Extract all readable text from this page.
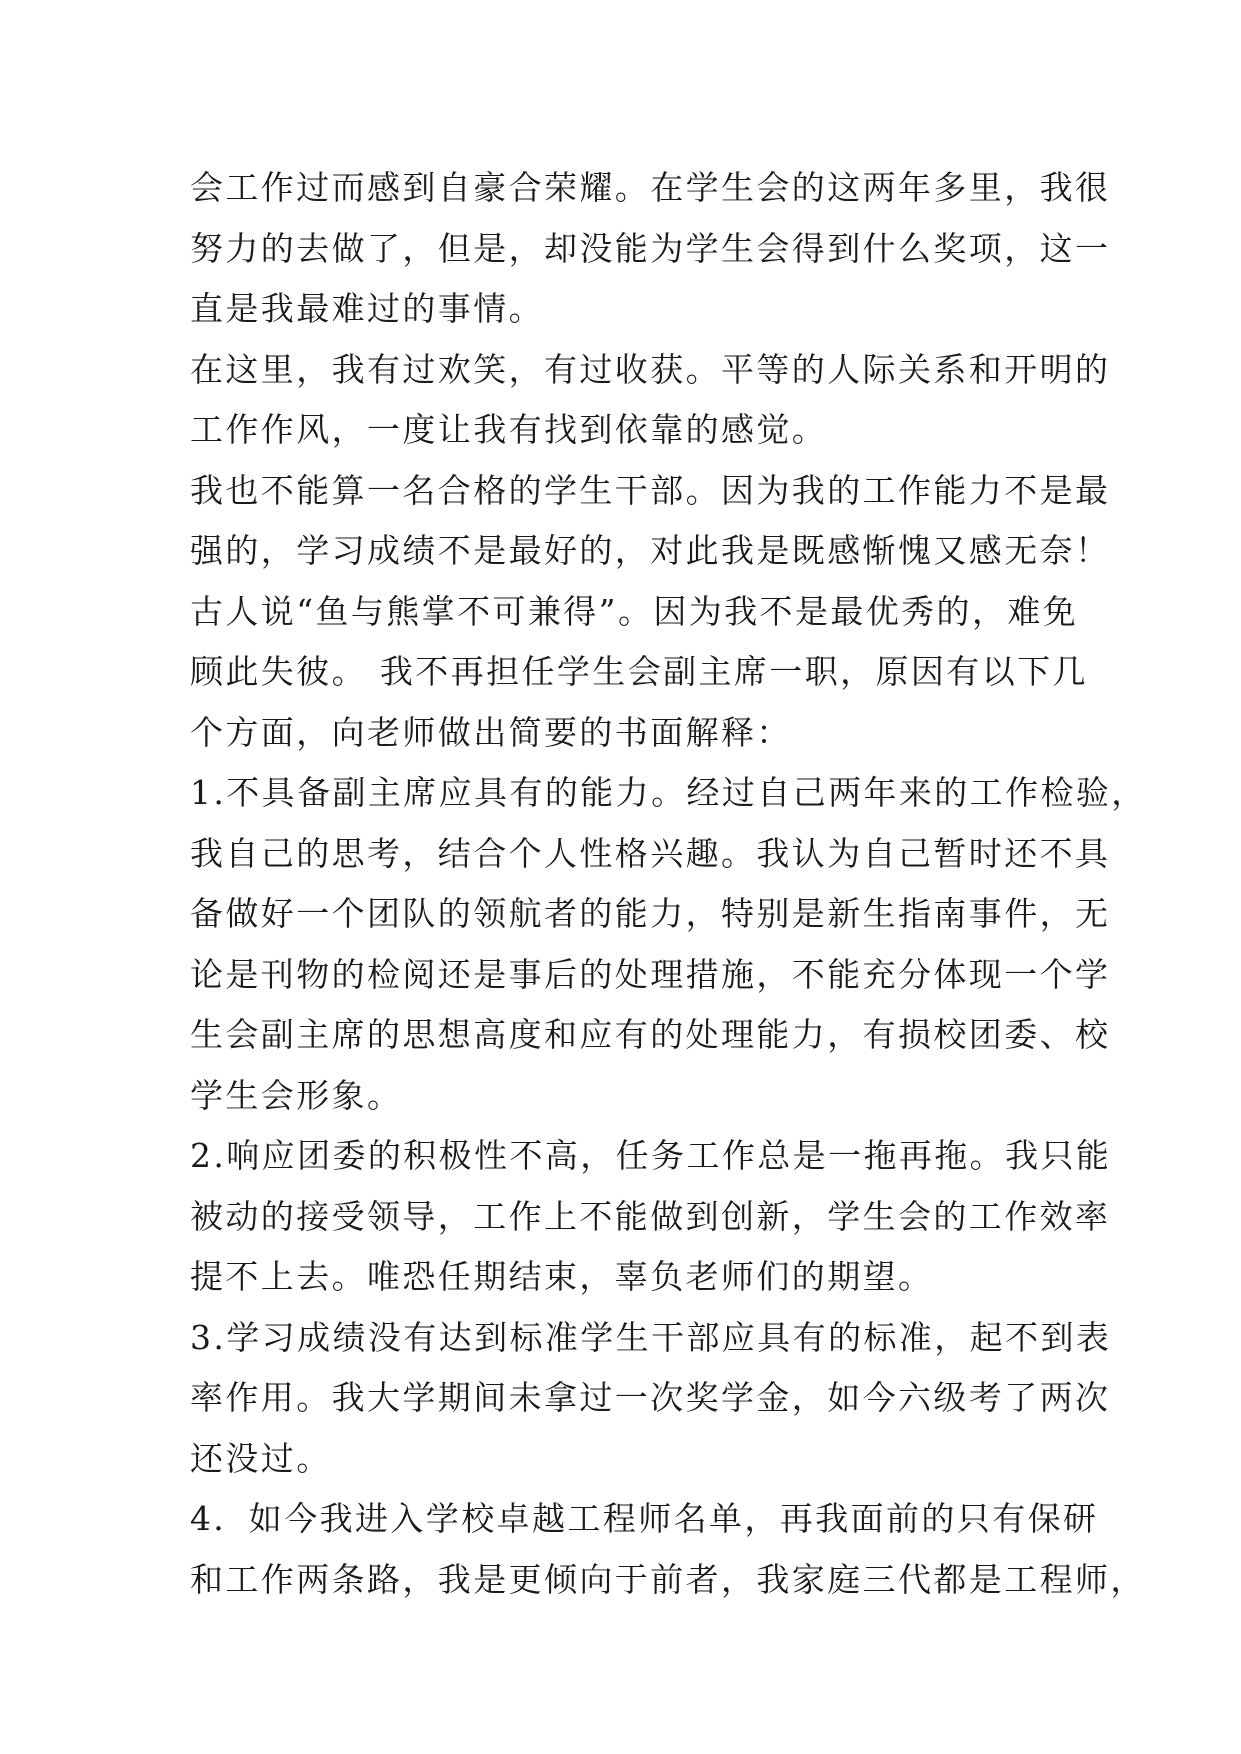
会工作过而感到自豪合荣耀。在学生会的这两年多里，我很
努力的去做了，但是，却没能为学生会得到什么奖项，这一
直是我最难过的事情。
在这里，我有过欢笑，有过收获。平等的人际关系和开明的
工作作风，一度让我有找到依靠的感觉。
我也不能算一名合格的学生干部。因为我的工作能力不是最
强的，学习成绩不是最好的，对此我是既感惭愧又感无奈！
古人说“鱼与熊掌不可兼得”。因为我不是最优秀的，难免
顾此失彼。 我不再担任学生会副主席一职，原因有以下几
个方面，向老师做出简要的书面解释：
1.不具备副主席应具有的能力。经过自己两年来的工作检验，
我自己的思考，结合个人性格兴趣。我认为自己暂时还不具
备做好一个团队的领航者的能力，特别是新生指南事件，无
论是刊物的检阅还是事后的处理措施，不能充分体现一个学
生会副主席的思想高度和应有的处理能力，有损校团委、校
学生会形象。
2.响应团委的积极性不高，任务工作总是一拖再拖。我只能
被动的接受领导，工作上不能做到创新，学生会的工作效率
提不上去。唯恐任期结束，辜负老师们的期望。
3.学习成绩没有达到标准学生干部应具有的标准，起不到表
率作用。我大学期间未拿过一次奖学金，如今六级考了两次
还没过。
4．如今我进入学校卓越工程师名单，再我面前的只有保研
和工作两条路，我是更倾向于前者，我家庭三代都是工程师，
